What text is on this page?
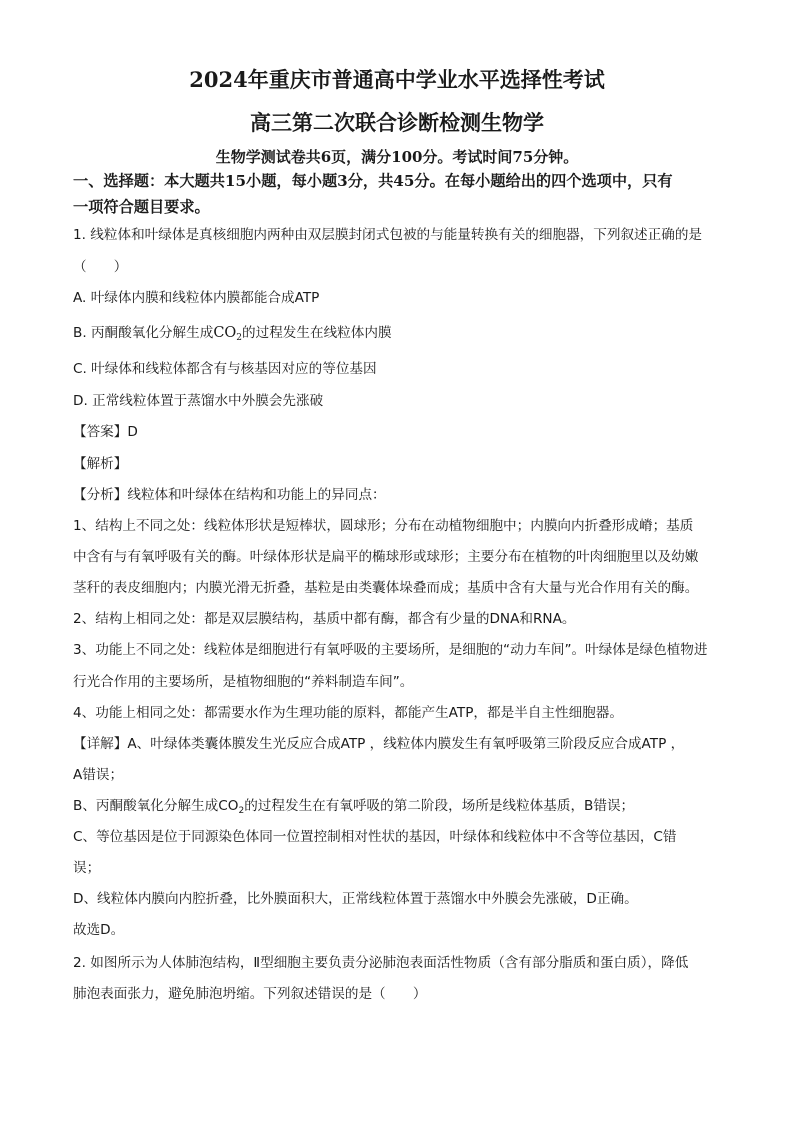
2024年重庆市普通高中学业水平选择性考试
高三第二次联合诊断检测生物学
生物学测试卷共6页，满分100分。考试时间75分钟。
一、选择题：本大题共15小题，每小题3分，共45分。在每小题给出的四个选项中，只有
一项符合题目要求。
1. 线粒体和叶绿体是真核细胞内两种由双层膜封闭式包被的与能量转换有关的细胞器，下列叙述正确的是
（　　）
A. 叶绿体内膜和线粒体内膜都能合成ATP
B. 丙酮酸氧化分解生成$CO_2$的过程发生在线粒体内膜
C. 叶绿体和线粒体都含有与核基因对应的等位基因
D. 正常线粒体置于蒸馏水中外膜会先涨破
【答案】D
【解析】
【分析】线粒体和叶绿体在结构和功能上的异同点：
1、结构上不同之处：线粒体形状是短棒状，圆球形；分布在动植物细胞中；内膜向内折叠形成嵴；基质
中含有与有氧呼吸有关的酶。叶绿体形状是扁平的椭球形或球形；主要分布在植物的叶肉细胞里以及幼嫩
茎秆的表皮细胞内；内膜光滑无折叠，基粒是由类囊体垛叠而成；基质中含有大量与光合作用有关的酶。
2、结构上相同之处：都是双层膜结构，基质中都有酶，都含有少量的DNA和RNA。
3、功能上不同之处：线粒体是细胞进行有氧呼吸的主要场所，是细胞的“动力车间”。叶绿体是绿色植物进
行光合作用的主要场所，是植物细胞的“养料制造车间”。
4、功能上相同之处：都需要水作为生理功能的原料，都能产生ATP，都是半自主性细胞器。
【详解】A、叶绿体类囊体膜发生光反应合成ATP ，线粒体内膜发生有氧呼吸第三阶段反应合成ATP ，
A错误；
B、丙酮酸氧化分解生成$CO_2$的过程发生在有氧呼吸的第二阶段，场所是线粒体基质，B错误；
C、等位基因是位于同源染色体同一位置控制相对性状的基因，叶绿体和线粒体中不含等位基因，C错
误；
D、线粒体内膜向内腔折叠，比外膜面积大，正常线粒体置于蒸馏水中外膜会先涨破，D正确。
故选D。
2. 如图所示为人体肺泡结构，Ⅱ型细胞主要负责分泌肺泡表面活性物质（含有部分脂质和蛋白质），降低
肺泡表面张力，避免肺泡坍缩。下列叙述错误的是（　　）
